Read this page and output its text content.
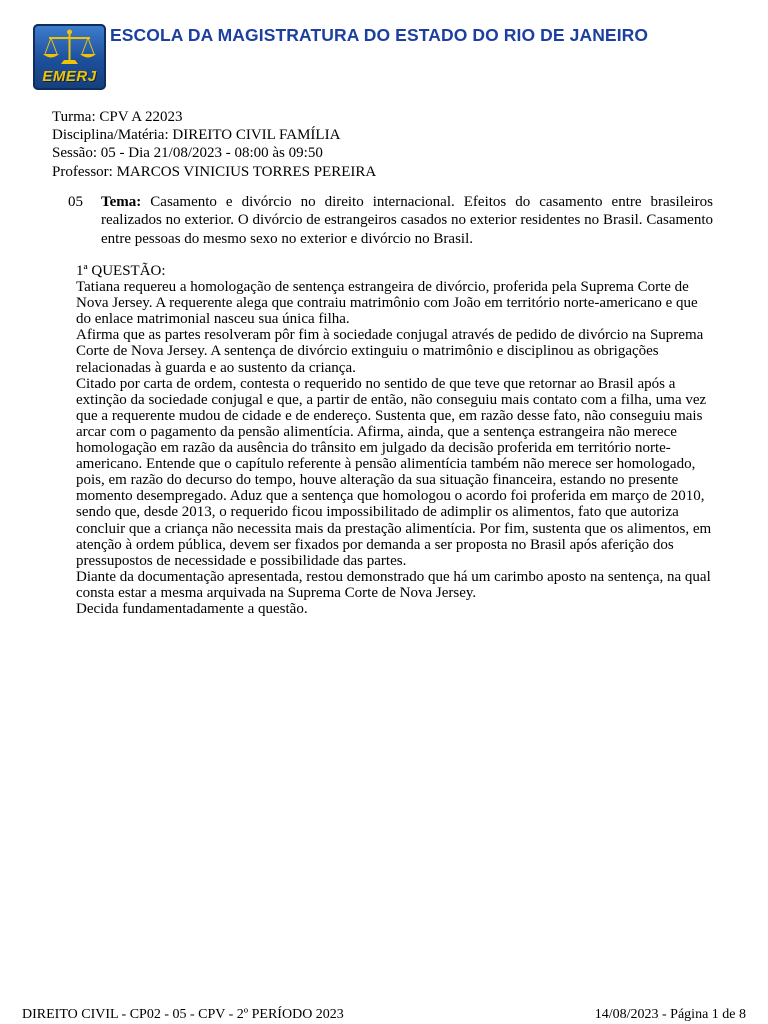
EMERJ
ESCOLA DA MAGISTRATURA DO ESTADO DO RIO DE JANEIRO
Turma: CPV A 22023
Disciplina/Matéria: DIREITO CIVIL FAMÍLIA
Sessão: 05 - Dia 21/08/2023 - 08:00 às 09:50
Professor: MARCOS VINICIUS TORRES PEREIRA
05 Tema: Casamento e divórcio no direito internacional. Efeitos do casamento entre brasileiros realizados no exterior. O divórcio de estrangeiros casados no exterior residentes no Brasil. Casamento entre pessoas do mesmo sexo no exterior e divórcio no Brasil.

1ª QUESTÃO:

Tatiana requereu a homologação de sentença estrangeira de divórcio, proferida pela Suprema Corte de Nova Jersey. A requerente alega que contraiu matrimônio com João em território norte-americano e que do enlace matrimonial nasceu sua única filha.

Afirma que as partes resolveram pôr fim à sociedade conjugal através de pedido de divórcio na Suprema Corte de Nova Jersey. A sentença de divórcio extinguiu o matrimônio e disciplinou as obrigações relacionadas à guarda e ao sustento da criança.

Citado por carta de ordem, contesta o requerido no sentido de que teve que retornar ao Brasil após a extinção da sociedade conjugal e que, a partir de então, não conseguiu mais contato com a filha, uma vez que a requerente mudou de cidade e de endereço. Sustenta que, em razão desse fato, não conseguiu mais arcar com o pagamento da pensão alimentícia. Afirma, ainda, que a sentença estrangeira não merece homologação em razão da ausência do trânsito em julgado da decisão proferida em território norte-americano. Entende que o capítulo referente à pensão alimentícia também não merece ser homologado, pois, em razão do decurso do tempo, houve alteração da sua situação financeira, estando no presente momento desempregado. Aduz que a sentença que homologou o acordo foi proferida em março de 2010, sendo que, desde 2013, o requerido ficou impossibilitado de adimplir os alimentos, fato que autoriza concluir que a criança não necessita mais da prestação alimentícia. Por fim, sustenta que os alimentos, em atenção à ordem pública, devem ser fixados por demanda a ser proposta no Brasil após aferição dos pressupostos de necessidade e possibilidade das partes.

Diante da documentação apresentada, restou demonstrado que há um carimbo aposto na sentença, na qual consta estar a mesma arquivada na Suprema Corte de Nova Jersey.

Decida fundamentadamente a questão.

DIREITO CIVIL - CP02 - 05 - CPV - 2º PERÍODO 2023	14/08/2023 - Página 1 de 8
